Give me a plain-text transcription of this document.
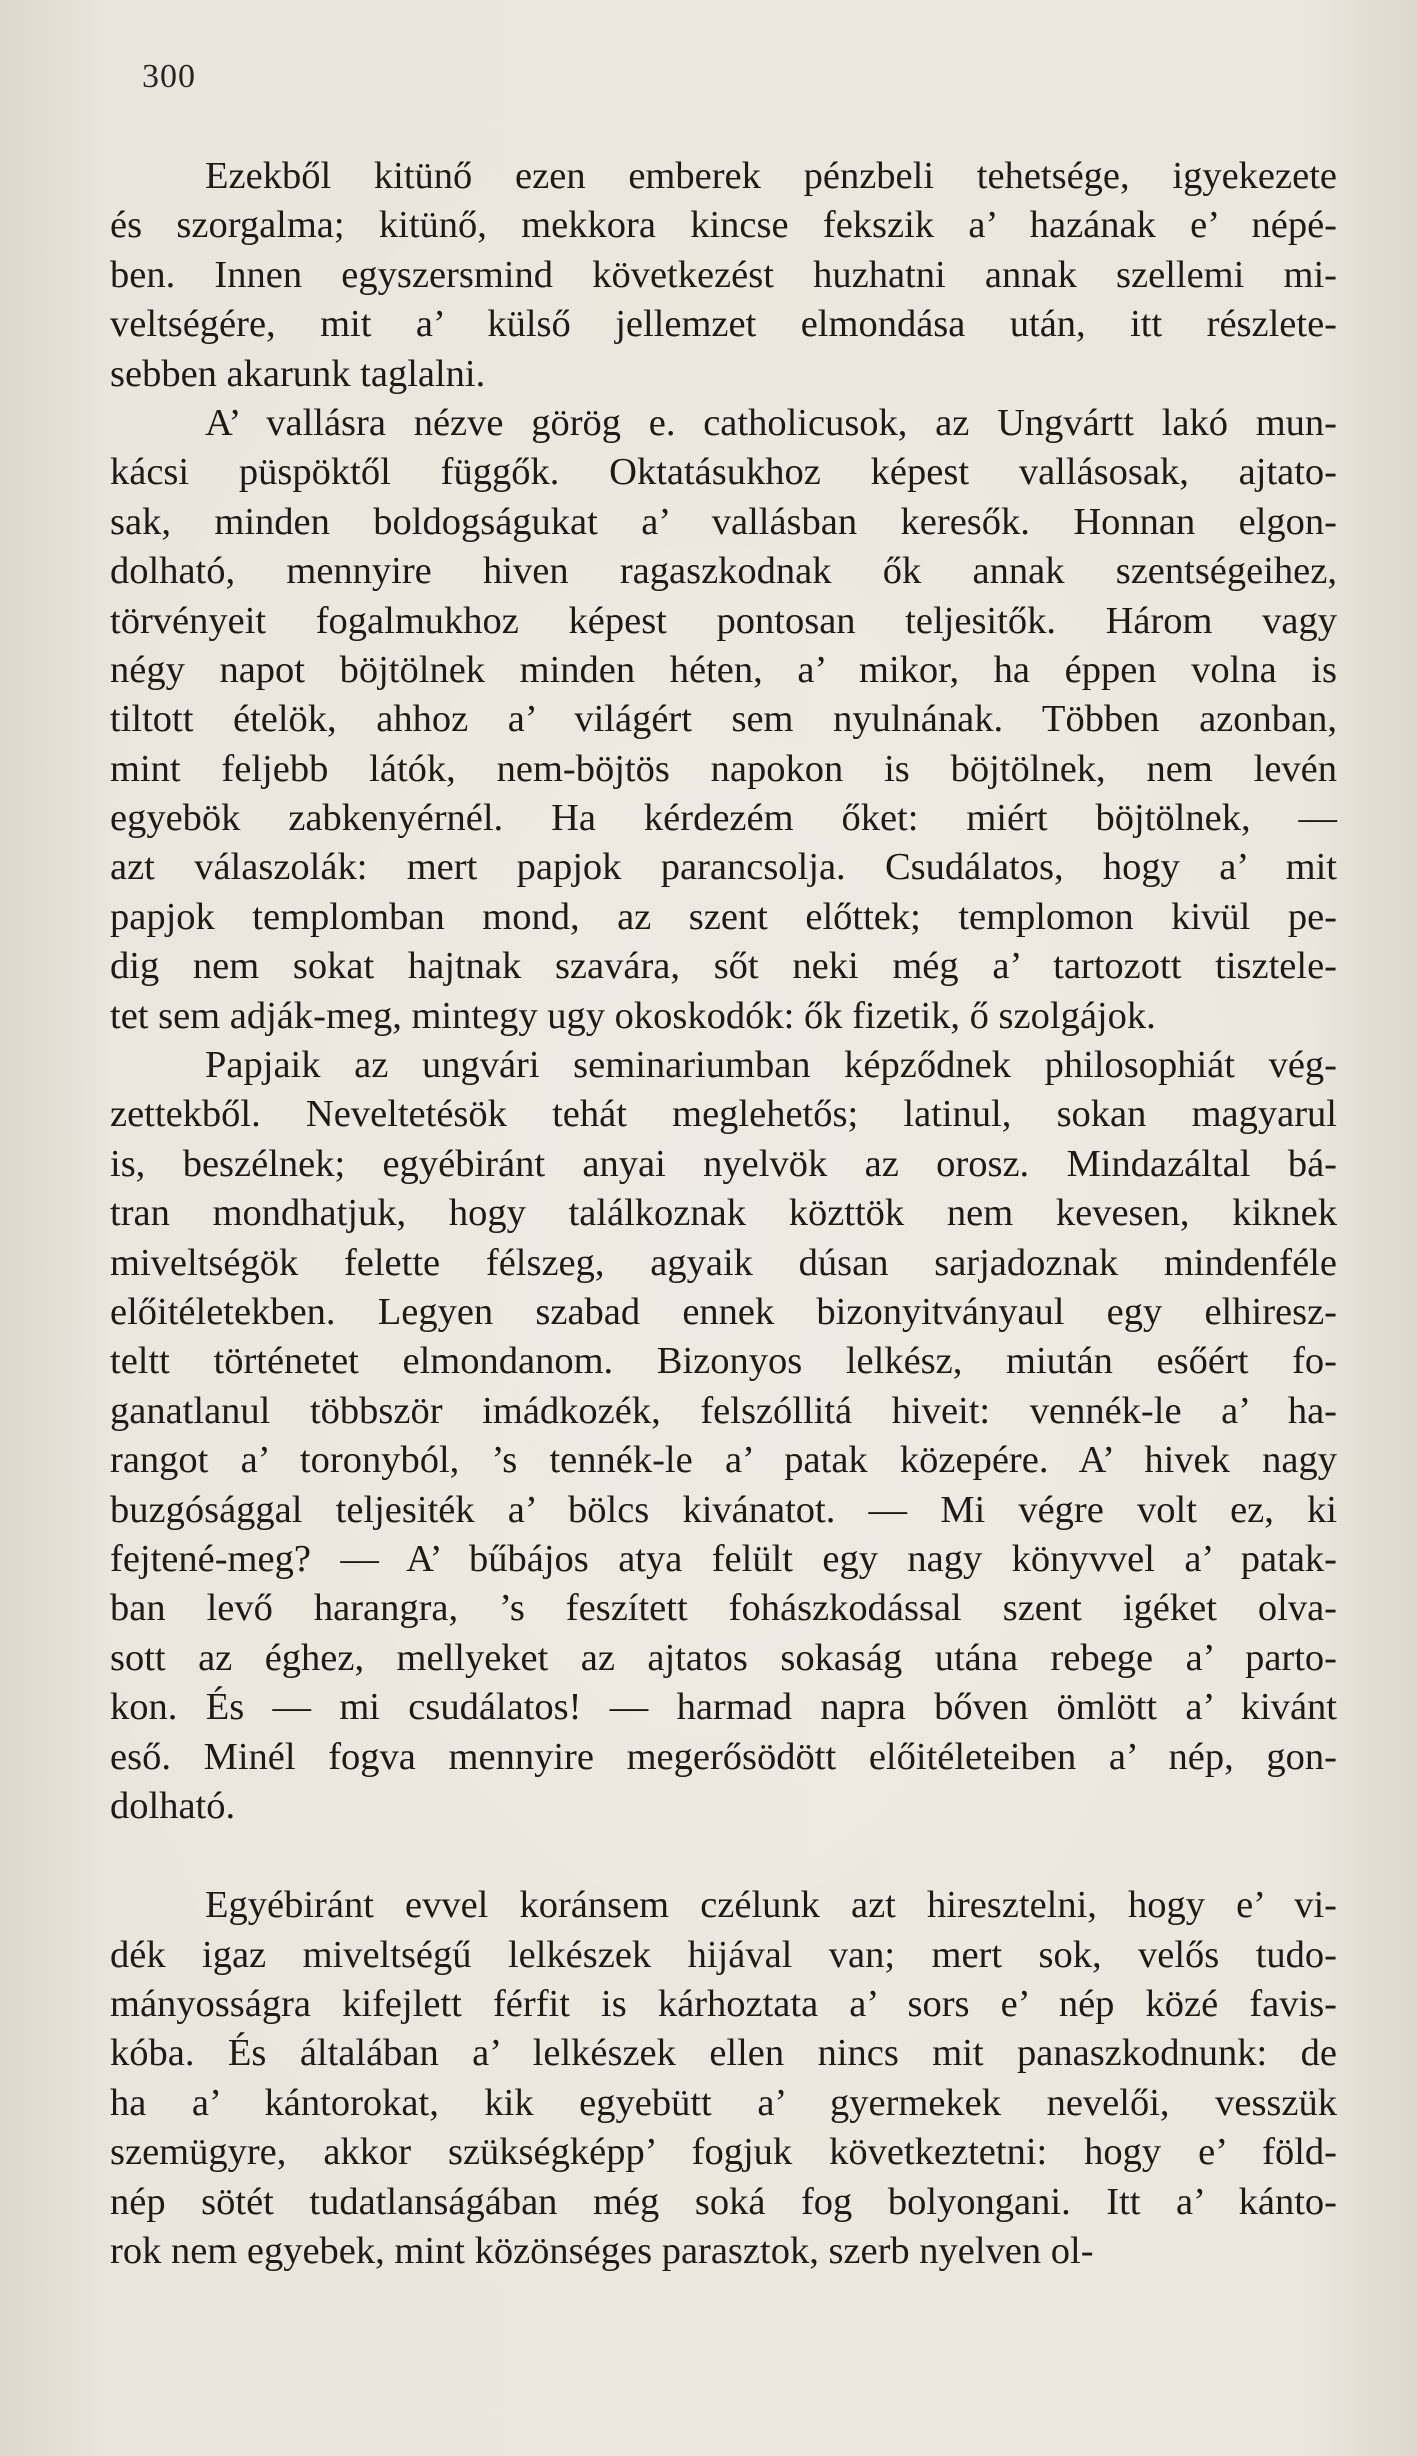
300
Ezekből kitünő ezen emberek pénzbeli tehetsége, igyekezete
és szorgalma; kitünő, mekkora kincse fekszik a’ hazának e’ népé-
ben. Innen egyszersmind következést huzhatni annak szellemi mi-
veltségére, mit a’ külső jellemzet elmondása után, itt részlete-
sebben akarunk taglalni.
A’ vallásra nézve görög e. catholicusok, az Ungvártt lakó mun-
kácsi püspöktől függők. Oktatásukhoz képest vallásosak, ajtato-
sak, minden boldogságukat a’ vallásban keresők. Honnan elgon-
dolható, mennyire hiven ragaszkodnak ők annak szentségeihez,
törvényeit fogalmukhoz képest pontosan teljesitők. Három vagy
négy napot böjtölnek minden héten, a’ mikor, ha éppen volna is
tiltott ételök, ahhoz a’ világért sem nyulnának. Többen azonban,
mint feljebb látók, nem-böjtös napokon is böjtölnek, nem levén
egyebök zabkenyérnél. Ha kérdezém őket: miért böjtölnek, —
azt válaszolák: mert papjok parancsolja. Csudálatos, hogy a’ mit
papjok templomban mond, az szent előttek; templomon kivül pe-
dig nem sokat hajtnak szavára, sőt neki még a’ tartozott tisztele-
tet sem adják-meg, mintegy ugy okoskodók: ők fizetik, ő szolgájok.
Papjaik az ungvári seminariumban képződnek philosophiát vég-
zettekből. Neveltetésök tehát meglehetős; latinul, sokan magyarul
is, beszélnek; egyébiránt anyai nyelvök az orosz. Mindazáltal bá-
tran mondhatjuk, hogy találkoznak közttök nem kevesen, kiknek
miveltségök felette félszeg, agyaik dúsan sarjadoznak mindenféle
előitéletekben. Legyen szabad ennek bizonyitványaul egy elhiresz-
teltt történetet elmondanom. Bizonyos lelkész, miután esőért fo-
ganatlanul többször imádkozék, felszóllitá hiveit: vennék-le a’ ha-
rangot a’ toronyból, ’s tennék-le a’ patak közepére. A’ hivek nagy
buzgósággal teljesiték a’ bölcs kivánatot. — Mi végre volt ez, ki
fejtené-meg? — A’ bűbájos atya felült egy nagy könyvvel a’ patak-
ban levő harangra, ’s feszített fohászkodással szent igéket olva-
sott az éghez, mellyeket az ajtatos sokaság utána rebege a’ parto-
kon. És — mi csudálatos! — harmad napra bőven ömlött a’ kivánt
eső. Minél fogva mennyire megerősödött előitéleteiben a’ nép, gon-
dolható.
Egyébiránt evvel koránsem czélunk azt hiresztelni, hogy e’ vi-
dék igaz miveltségű lelkészek hijával van; mert sok, velős tudo-
mányosságra kifejlett férfit is kárhoztata a’ sors e’ nép közé favis-
kóba. És általában a’ lelkészek ellen nincs mit panaszkodnunk: de
ha a’ kántorokat, kik egyebütt a’ gyermekek nevelői, vesszük
szemügyre, akkor szükségképp’ fogjuk következtetni: hogy e’ föld-
nép sötét tudatlanságában még soká fog bolyongani. Itt a’ kánto-
rok nem egyebek, mint közönséges parasztok, szerb nyelven ol-
